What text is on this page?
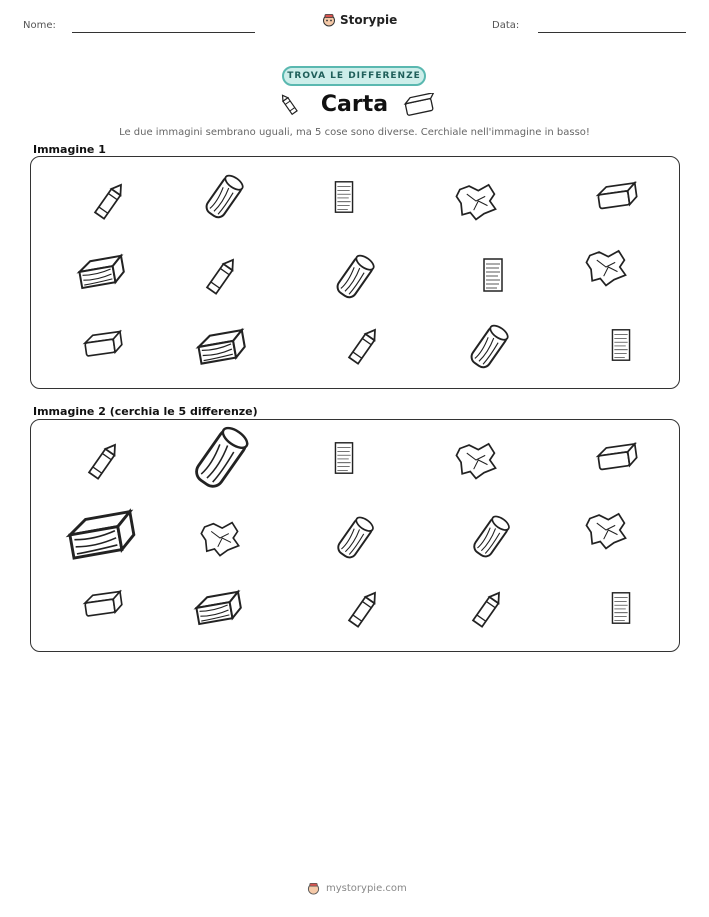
Nome:	Storypie	Data:
TROVA LE DIFFERENZE
Carta
Le due immagini sembrano uguali, ma 5 cose sono diverse. Cerchiale nell'immagine in basso!
Immagine 1
Immagine 2 (cerchia le 5 differenze)
mystorypie.com
